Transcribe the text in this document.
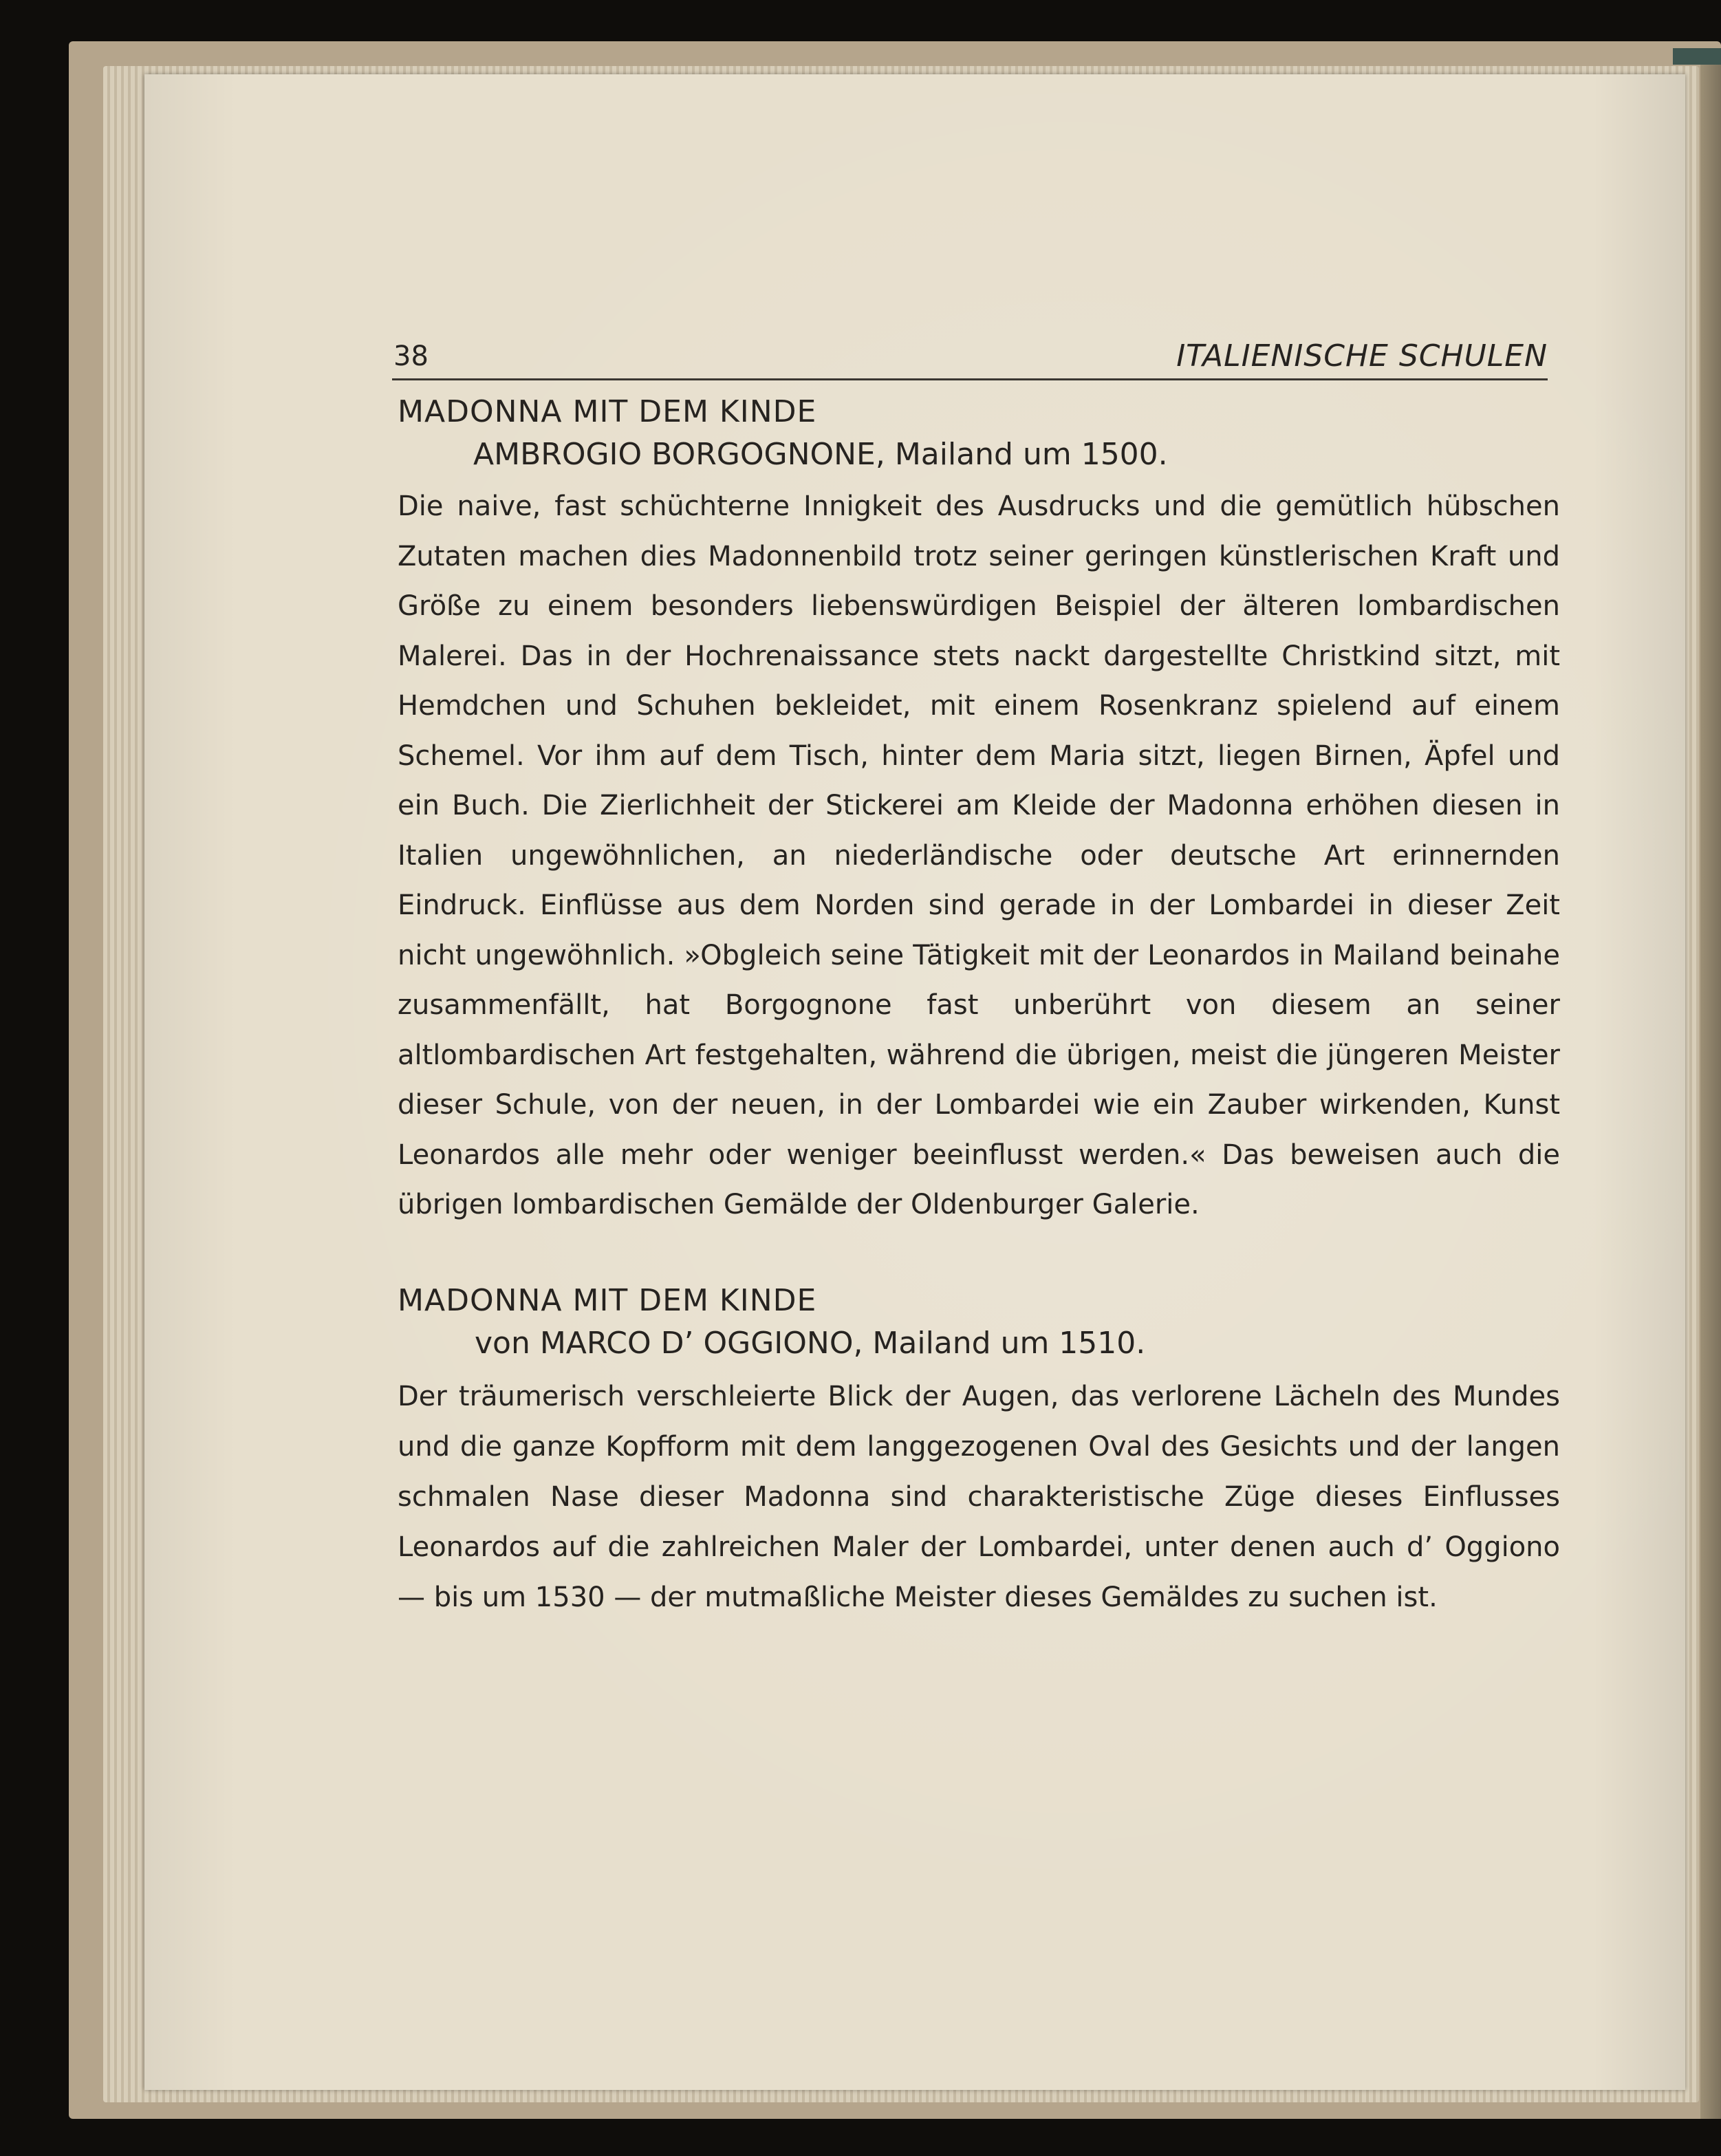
38	ITALIENISCHE SCHULEN
MADONNA MIT DEM KINDE
AMBROGIO BORGOGNONE, Mailand um 1500.
Die naive, fast schüchterne Innigkeit des Ausdrucks und die gemütlich hübschen Zutaten machen dies Madonnenbild trotz seiner geringen künstlerischen Kraft und Größe zu einem besonders liebenswürdigen Beispiel der älteren lombardischen Malerei. Das in der Hochrenaissance stets nackt dargestellte Christkind sitzt, mit Hemdchen und Schuhen bekleidet, mit einem Rosenkranz spielend auf einem Schemel. Vor ihm auf dem Tisch, hinter dem Maria sitzt, liegen Birnen, Äpfel und ein Buch. Die Zierlichheit der Stickerei am Kleide der Madonna erhöhen diesen in Italien ungewöhnlichen, an niederländische oder deutsche Art erinnernden Eindruck. Einflüsse aus dem Norden sind gerade in der Lombardei in dieser Zeit nicht ungewöhnlich. »Obgleich seine Tätigkeit mit der Leonardos in Mailand beinahe zusammenfällt, hat Borgognone fast unberührt von diesem an seiner altlombardischen Art festgehalten, während die übrigen, meist die jüngeren Meister dieser Schule, von der neuen, in der Lombardei wie ein Zauber wirkenden, Kunst Leonardos alle mehr oder weniger beeinflusst werden.« Das beweisen auch die übrigen lombardischen Gemälde der Oldenburger Galerie.
MADONNA MIT DEM KINDE
von MARCO D’ OGGIONO, Mailand um 1510.
Der träumerisch verschleierte Blick der Augen, das verlorene Lächeln des Mundes und die ganze Kopfform mit dem langgezogenen Oval des Gesichts und der langen schmalen Nase dieser Madonna sind charakteristische Züge dieses Einflusses Leonardos auf die zahlreichen Maler der Lombardei, unter denen auch d’ Oggiono — bis um 1530 — der mutmaßliche Meister dieses Gemäldes zu suchen ist.
